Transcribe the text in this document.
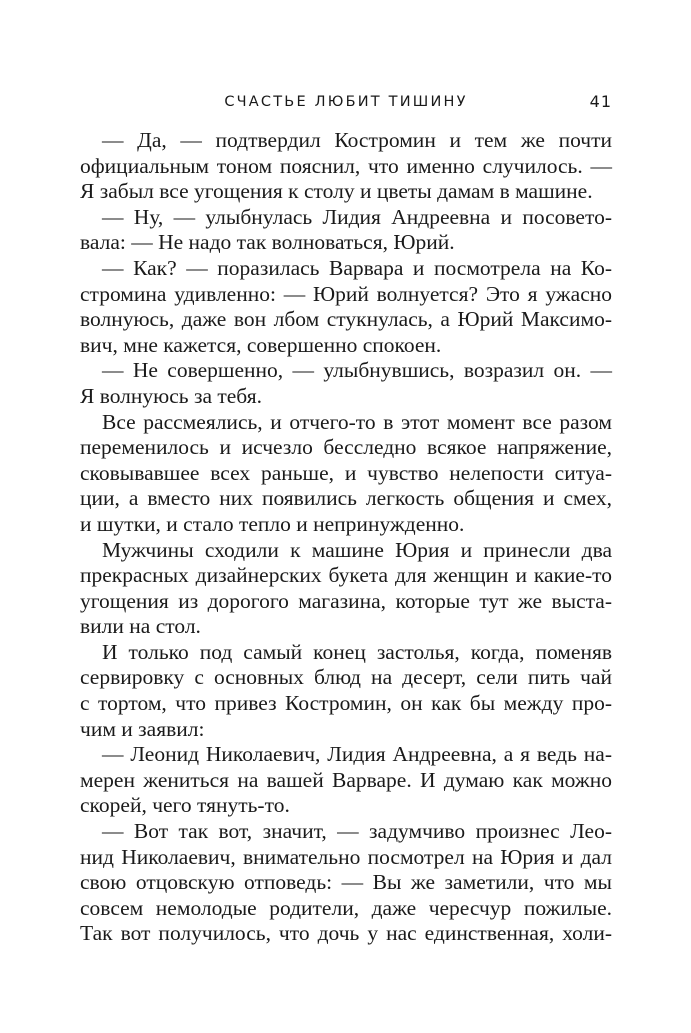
СЧАСТЬЕ ЛЮБИТ ТИШИНУ	41
— Да, — подтвердил Костромин и тем же почти
официальным тоном пояснил, что именно случилось. —
Я забыл все угощения к столу и цветы дамам в машине.
— Ну, — улыбнулась Лидия Андреевна и посовето-
вала: — Не надо так волноваться, Юрий.
— Как? — поразилась Варвара и посмотрела на Ко-
стромина удивленно: — Юрий волнуется? Это я ужасно
волнуюсь, даже вон лбом стукнулась, а Юрий Максимо-
вич, мне кажется, совершенно спокоен.
— Не совершенно, — улыбнувшись, возразил он. —
Я волнуюсь за тебя.
Все рассмеялись, и отчего-то в этот момент все разом
переменилось и исчезло бесследно всякое напряжение,
сковывавшее всех раньше, и чувство нелепости ситуа-
ции, а вместо них появились легкость общения и смех,
и шутки, и стало тепло и непринужденно.
Мужчины сходили к машине Юрия и принесли два
прекрасных дизайнерских букета для женщин и какие-то
угощения из дорогого магазина, которые тут же выста-
вили на стол.
И только под самый конец застолья, когда, поменяв
сервировку с основных блюд на десерт, сели пить чай
с тортом, что привез Костромин, он как бы между про-
чим и заявил:
— Леонид Николаевич, Лидия Андреевна, а я ведь на-
мерен жениться на вашей Варваре. И думаю как можно
скорей, чего тянуть-то.
— Вот так вот, значит, — задумчиво произнес Лео-
нид Николаевич, внимательно посмотрел на Юрия и дал
свою отцовскую отповедь: — Вы же заметили, что мы
совсем немолодые родители, даже чересчур пожилые.
Так вот получилось, что дочь у нас единственная, холи-
